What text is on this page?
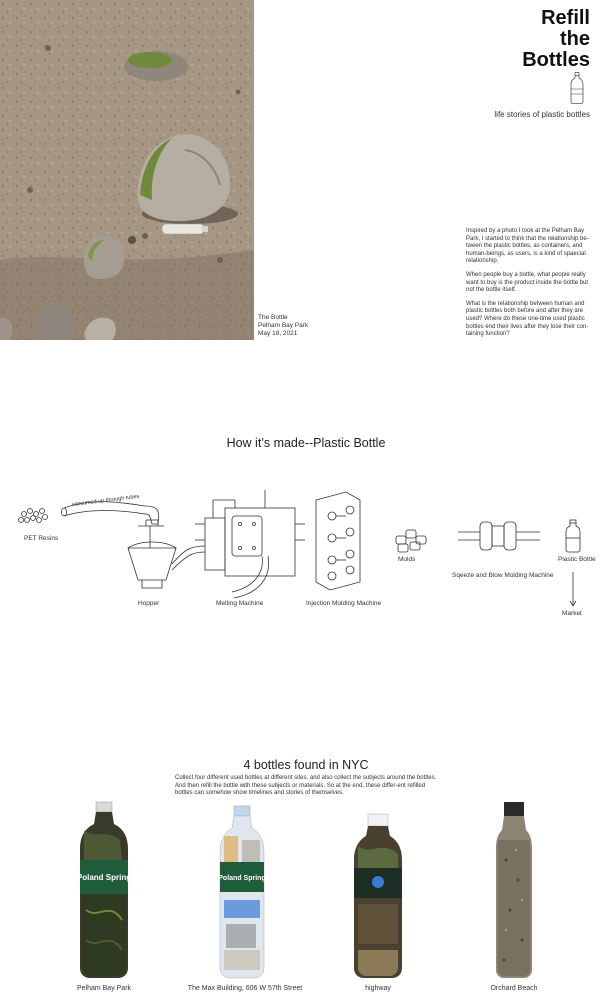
The Bottle
Pelham Bay Park
May 18, 2021
Refill
the
Bottles
life stories of plastic bottles

Inspired by a photo I took at the Pelham Bay Park, I started to think that the relationship be-tween the plastic bottles, as containers, and human-beings, as users, is a kind of spaecial relationship.

When people buy a bottle, what people really want to buy is the product inside the bottle but not the bottle itself.

What is the relationship between human and plastic bottles both before and after they are used? Where do these one-time used plastic bottles end their lives after they lose their con-taining function?

How it’s made--Plastic Bottle
vaccumed up through tubes
PET Resins
Hopper	Melting Machine	Injection Molding Machine
Molds
Sqeeze and Blow Molding Machine
Plastic Bottle
Market
4 bottles found in NYC
Collect four different used bottles at different sites, and also collect the subjects around the bottles. And then refill the bottle with these subjects or materials. So at the end, these differ-ent refilled bottles can somehow show timelines and stories of themselves.
Poland Spring
Pelham Bay Park
Poland Spring
The Max Building, 606 W 57th Street	highway	Orchard Beach
